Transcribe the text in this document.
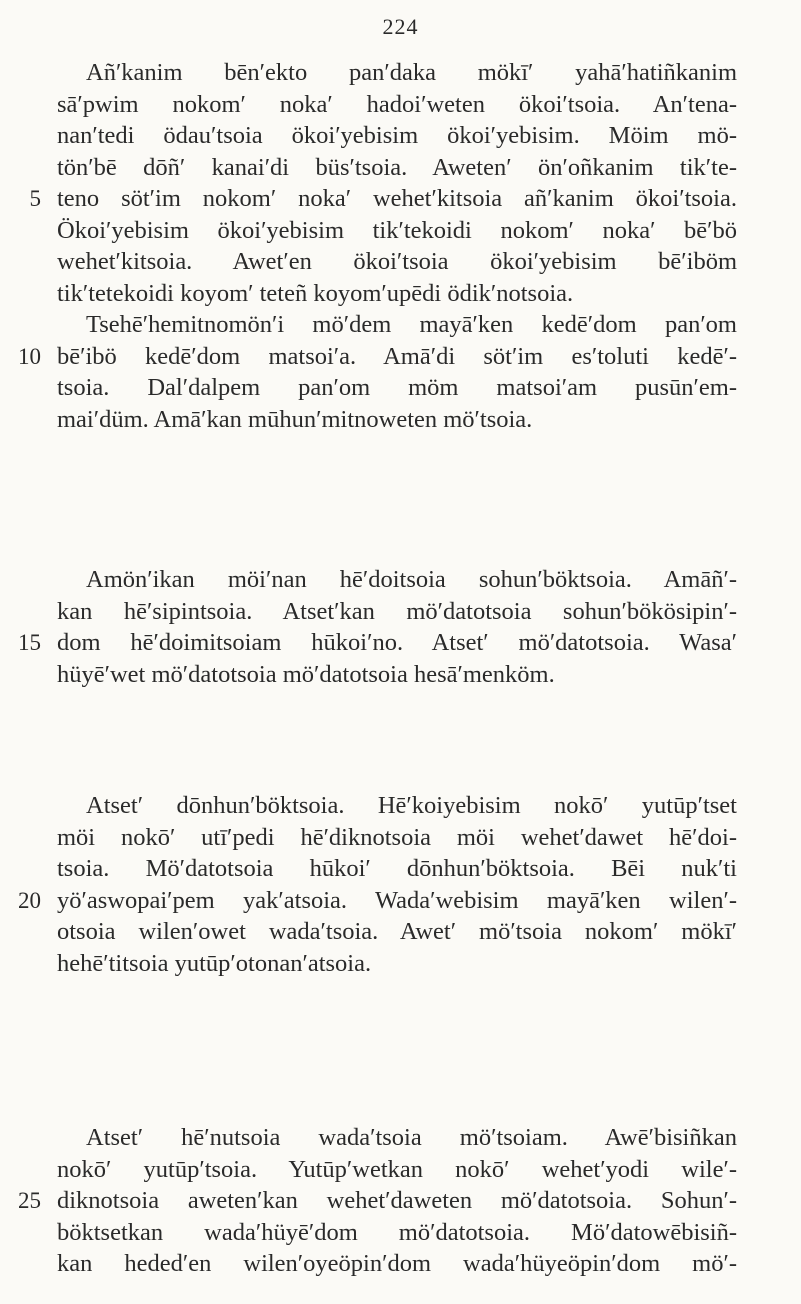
224
Añ′kanim bēn′ekto pan′daka mökī′ yahā′hatiñkanim
sā′pwim nokom′ noka′ hadoi′weten ökoi′tsoia. An′tena-
nan′tedi ödau′tsoia ökoi′yebisim ökoi′yebisim. Möim mö-
tön′bē dōñ′ kanai′di büs′tsoia. Aweten′ ön′oñkanim tik′te-
5 teno söt′im nokom′ noka′ wehet′kitsoia añ′kanim ökoi′tsoia.
Ökoi′yebisim ökoi′yebisim tik′tekoidi nokom′ noka′ bē′bö
wehet′kitsoia. Awet′en ökoi′tsoia ökoi′yebisim bē′iböm
tik′tetekoidi koyom′ teteñ koyom′upēdi ödik′notsoia.
Tsehē′hemitnomön′i mö′dem mayā′ken kedē′dom pan′om
10 bē′ibö kedē′dom matsoi′a. Amā′di söt′im es′toluti kedē′-
tsoia. Dal′dalpem pan′om möm matsoi′am pusūn′em-
mai′düm. Amā′kan mūhun′mitnoweten mö′tsoia.
Amön′ikan möi′nan hē′doitsoia sohun′böktsoia. Amāñ′-
kan hē′sipintsoia. Atset′kan mö′datotsoia sohun′bökösipin′-
15 dom hē′doimitsoiam hūkoi′no. Atset′ mö′datotsoia. Wasa′
hüyē′wet mö′datotsoia mö′datotsoia hesā′menköm.
Atset′ dōnhun′böktsoia. Hē′koiyebisim nokō′ yutūp′tset
möi nokō′ utī′pedi hē′diknotsoia möi wehet′dawet hē′doi-
tsoia. Mö′datotsoia hūkoi′ dōnhun′böktsoia. Bēi nuk′ti
20 yö′aswopai′pem yak′atsoia. Wada′webisim mayā′ken wilen′-
otsoia wilen′owet wada′tsoia. Awet′ mö′tsoia nokom′ mökī′
hehē′titsoia yutūp′otonan′atsoia.
Atset′ hē′nutsoia wada′tsoia mö′tsoiam. Awē′bisiñkan
nokō′ yutūp′tsoia. Yutūp′wetkan nokō′ wehet′yodi wile′-
25 diknotsoia aweten′kan wehet′daweten mö′datotsoia. Sohun′-
böktsetkan wada′hüyē′dom mö′datotsoia. Mö′datowēbisiñ-
kan heded′en wilen′oyeöpin′dom wada′hüyeöpin′dom mö′-
